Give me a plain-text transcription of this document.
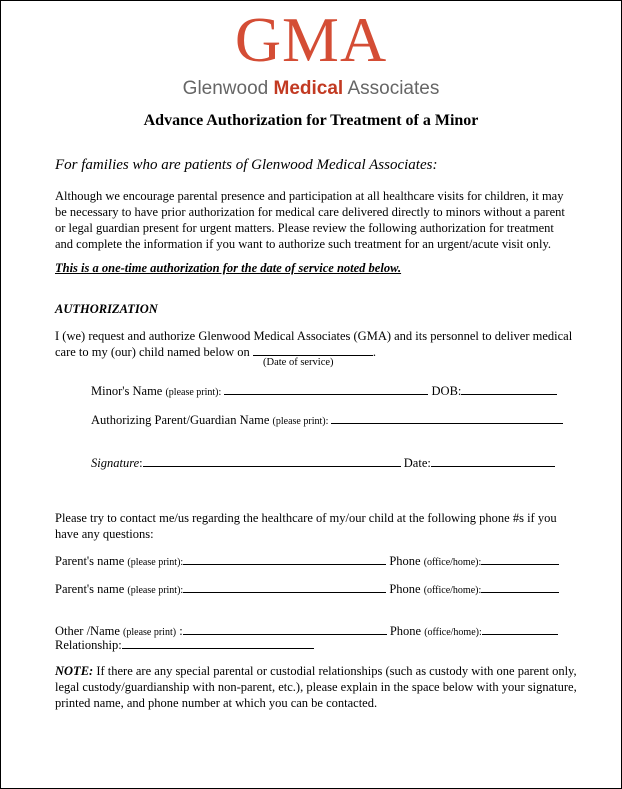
GMA
Glenwood Medical Associates
Advance Authorization for Treatment of a Minor
For families who are patients of Glenwood Medical Associates:
Although we encourage parental presence and participation at all healthcare visits for children, it may be necessary to have prior authorization for medical care delivered directly to minors without a parent or legal guardian present for urgent matters. Please review the following authorization for treatment and complete the information if you want to authorize such treatment for an urgent/acute visit only.
This is a one-time authorization for the date of service noted below.
AUTHORIZATION
I (we) request and authorize Glenwood Medical Associates (GMA) and its personnel to deliver medical
care to my (our) child named below on	.
(Date of service)
Minor's Name (please print):	DOB:
Authorizing Parent/Guardian Name (please print):
Signature:	Date:
Please try to contact me/us regarding the healthcare of my/our child at the following phone #s if you
have any questions:
Parent's name (please print):	Phone (office/home):
Parent's name (please print):	Phone (office/home):
Other /Name (please print) :	Phone (office/home):
Relationship:
NOTE: If there are any special parental or custodial relationships (such as custody with one parent only, legal custody/guardianship with non-parent, etc.), please explain in the space below with your signature, printed name, and phone number at which you can be contacted.
